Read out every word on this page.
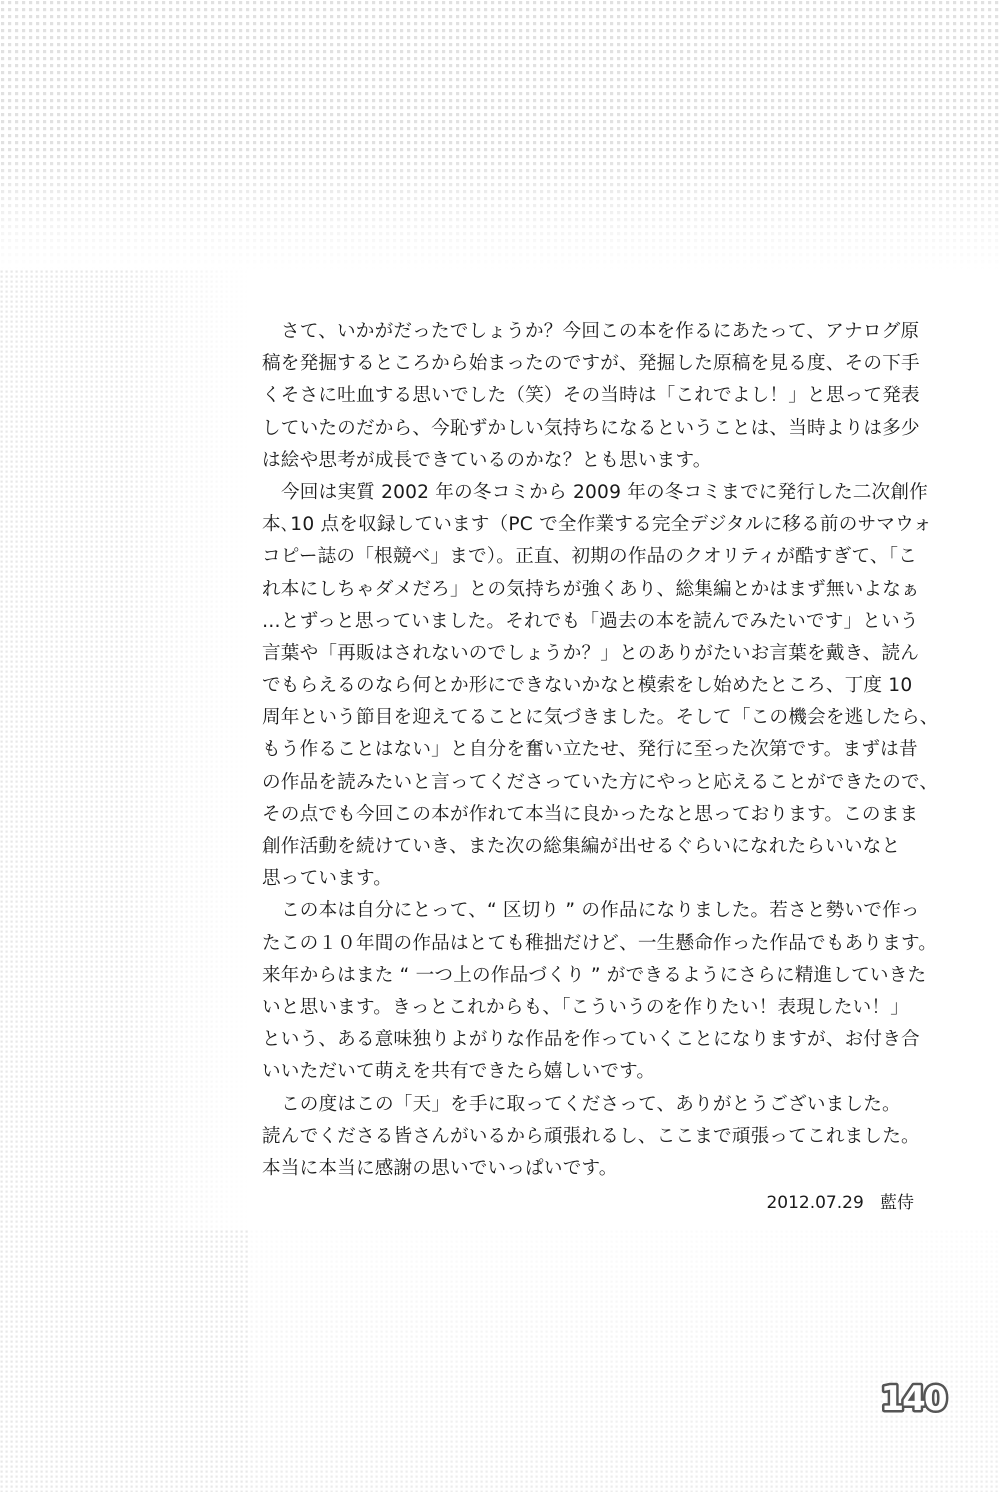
さて、いかがだったでしょうか？今回この本を作るにあたって、アナログ原
稿を発掘するところから始まったのですが、発掘した原稿を見る度、その下手
くそさに吐血する思いでした（笑）その当時は「これでよし！」と思って発表
していたのだから、今恥ずかしい気持ちになるということは、当時よりは多少
は絵や思考が成長できているのかな？とも思います。
今回は実質 2002 年の冬コミから 2009 年の冬コミまでに発行した二次創作
本､10 点を収録しています（PC で全作業する完全デジタルに移る前のサマウォ
コピー誌の「根競べ」まで）。正直、初期の作品のクオリティが酷すぎて、「こ
れ本にしちゃダメだろ」との気持ちが強くあり、総集編とかはまず無いよなぁ
…とずっと思っていました。それでも「過去の本を読んでみたいです」という
言葉や「再販はされないのでしょうか？」とのありがたいお言葉を戴き、読ん
でもらえるのなら何とか形にできないかなと模索をし始めたところ、丁度 10
周年という節目を迎えてることに気づきました。そして「この機会を逃したら、
もう作ることはない」と自分を奮い立たせ、発行に至った次第です。まずは昔
の作品を読みたいと言ってくださっていた方にやっと応えることができたので、
その点でも今回この本が作れて本当に良かったなと思っております。このまま
創作活動を続けていき、また次の総集編が出せるぐらいになれたらいいなと
思っています。
この本は自分にとって、“ 区切り ” の作品になりました。若さと勢いで作っ
たこの１０年間の作品はとても稚拙だけど、一生懸命作った作品でもあります。
来年からはまた “ 一つ上の作品づくり ” ができるようにさらに精進していきた
いと思います。きっとこれからも、「こういうのを作りたい！表現したい！」
という、ある意味独りよがりな作品を作っていくことになりますが、お付き合
いいただいて萌えを共有できたら嬉しいです。
この度はこの「天」を手に取ってくださって、ありがとうございました。
読んでくださる皆さんがいるから頑張れるし、ここまで頑張ってこれました。
本当に本当に感謝の思いでいっぱいです。
2012.07.29 藍侍
140
